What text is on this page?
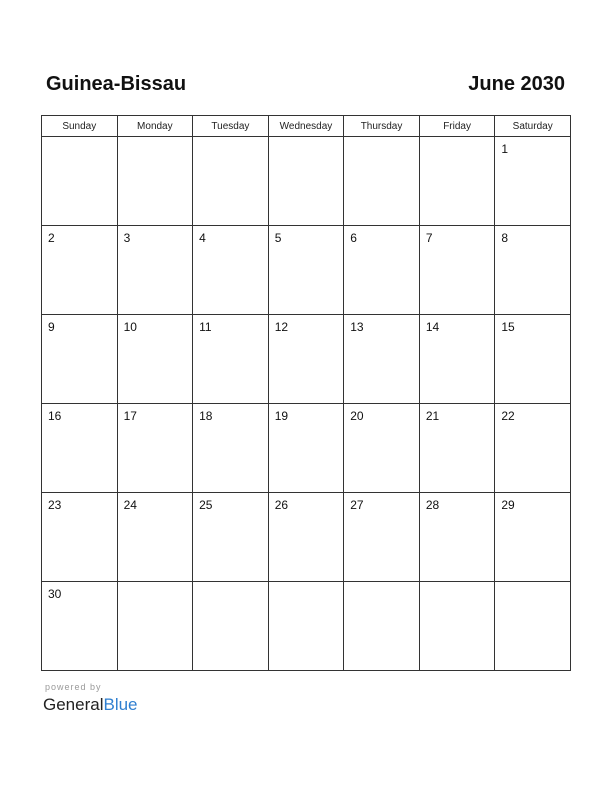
Guinea-Bissau	June 2030
Sunday	Monday	Tuesday	Wednesday	Thursday	Friday	Saturday

						1

2	3	4	5	6	7	8

9	10	11	12	13	14	15

16	17	18	19	20	21	22

23	24	25	26	27	28	29

30						

powered by
GeneralBlue
